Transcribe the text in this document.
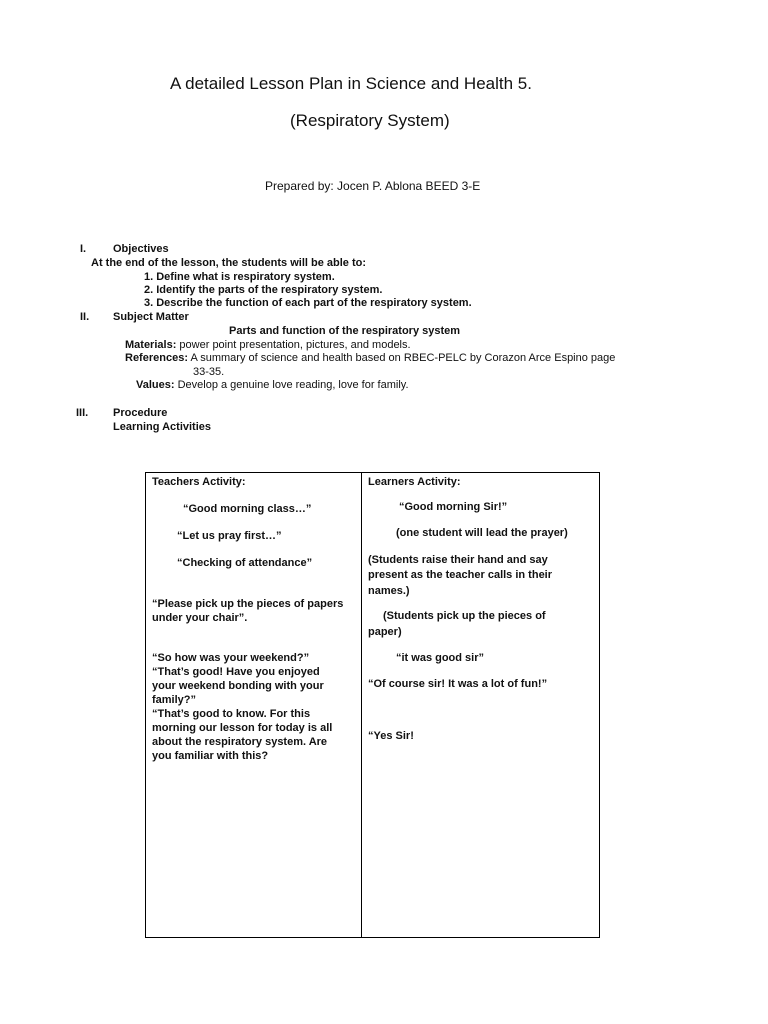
A detailed Lesson Plan in Science and Health 5.
(Respiratory System)
Prepared by: Jocen P. Ablona BEED 3-E
I. Objectives
At the end of the lesson, the students will be able to:
1. Define what is respiratory system.
2. Identify the parts of the respiratory system.
3. Describe the function of each part of the respiratory system.
II. Subject Matter
Parts and function of the respiratory system
Materials: power point presentation, pictures, and models.
References: A summary of science and health based on RBEC-PELC by Corazon Arce Espino page
33-35.
Values: Develop a genuine love reading, love for family.
III. Procedure
Learning Activities
Teachers Activity:
“Good morning class…”
“Let us pray first…”
“Checking of attendance”
“Please pick up the pieces of papers
under your chair”.
“So how was your weekend?”
“That’s good! Have you enjoyed
your weekend bonding with your
family?”
“That’s good to know. For this
morning our lesson for today is all
about the respiratory system. Are
you familiar with this?
Learners Activity:
“Good morning Sir!”
(one student will lead the prayer)
(Students raise their hand and say
present as the teacher calls in their
names.)
(Students pick up the pieces of
paper)
“it was good sir”
“Of course sir! It was a lot of fun!”
“Yes Sir!
